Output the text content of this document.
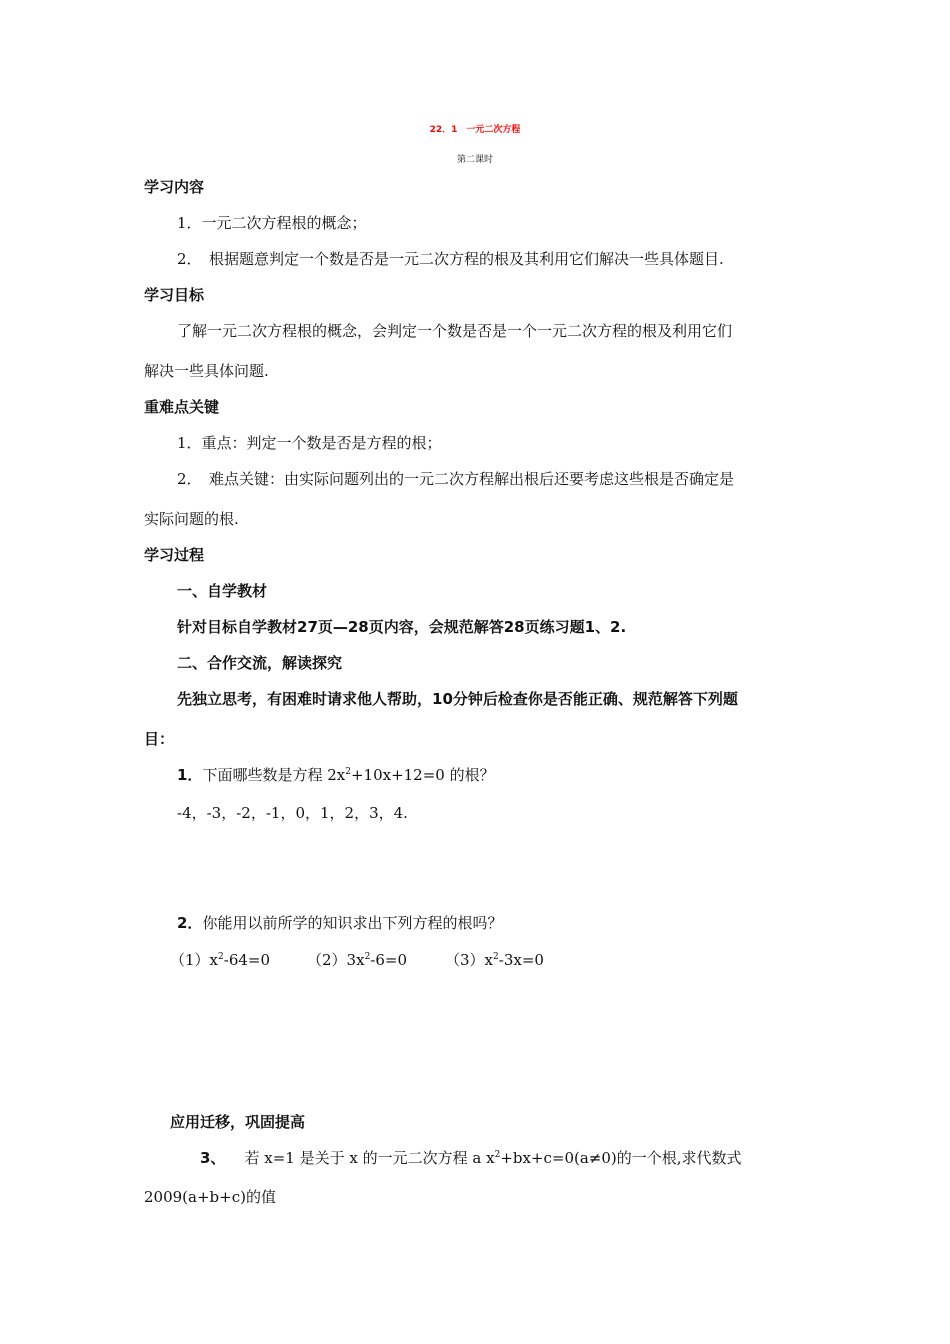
22．1　一元二次方程
第二课时
学习内容
1．一元二次方程根的概念；
2．　根据题意判定一个数是否是一元二次方程的根及其利用它们解决一些具体题目.
学习目标
了解一元二次方程根的概念，会判定一个数是否是一个一元二次方程的根及利用它们
解决一些具体问题.
重难点关键
1．重点：判定一个数是否是方程的根；
2．　难点关键：由实际问题列出的一元二次方程解出根后还要考虑这些根是否确定是
实际问题的根.
学习过程
一、自学教材
针对目标自学教材27页—28页内容，会规范解答28页练习题1、2.
二、合作交流，解读探究
先独立思考，有困难时请求他人帮助，10分钟后检查你是否能正确、规范解答下列题
目：
1．下面哪些数是方程 $2x^2+10x+12=0$ 的根？
-4，-3，-2，-1，0，1，2，3，4.
2．你能用以前所学的知识求出下列方程的根吗？
$(1)x^2-64=0$ $(2)3x^2-6=0$	$(3)x^2-3x=0$
应用迁移，巩固提高
3、 若 x=1 是关于 x 的一元二次方程 a $x^2+bx+c=0(a\ne 0)$的一个根,求代数式
2009(a+b+c)的值
